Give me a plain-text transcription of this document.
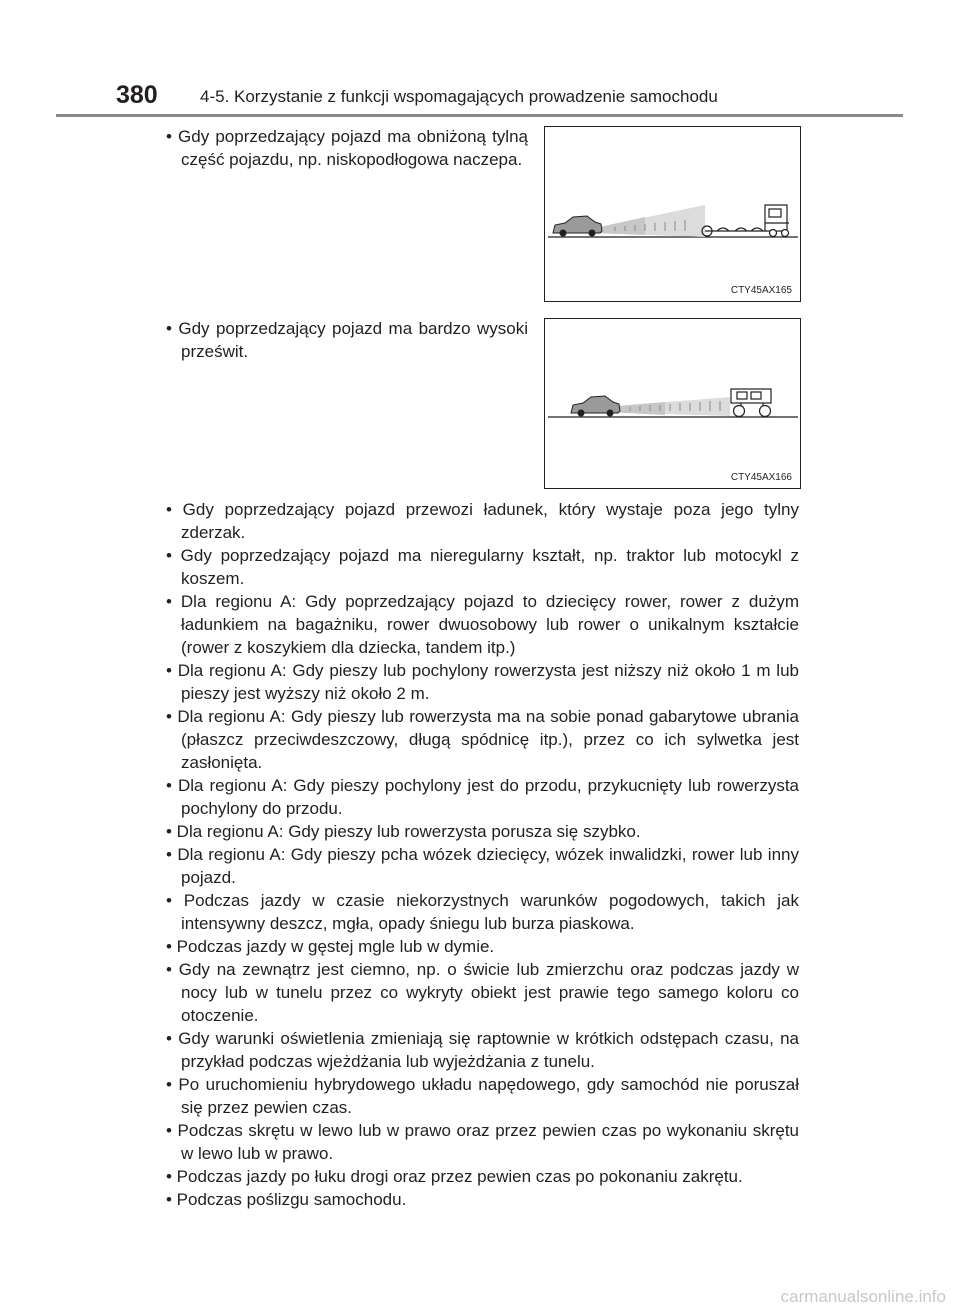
380 4-5. Korzystanie z funkcji wspomagających prowadzenie samochodu
• Gdy poprzedzający pojazd ma obniżoną tylną część pojazdu, np. niskopodłogowa naczepa.
CTY45AX165
• Gdy poprzedzający pojazd ma bardzo wysoki prześwit.
CTY45AX166
• Gdy poprzedzający pojazd przewozi ładunek, który wystaje poza jego tylny zderzak.
• Gdy poprzedzający pojazd ma nieregularny kształt, np. traktor lub motocykl z koszem.
• Dla regionu A: Gdy poprzedzający pojazd to dziecięcy rower, rower z dużym ładunkiem na bagażniku, rower dwuosobowy lub rower o unikalnym kształcie (rower z koszykiem dla dziecka, tandem itp.)
• Dla regionu A: Gdy pieszy lub pochylony rowerzysta jest niższy niż około 1 m lub pieszy jest wyższy niż około 2 m.
• Dla regionu A: Gdy pieszy lub rowerzysta ma na sobie ponad gabarytowe ubrania (płaszcz przeciwdeszczowy, długą spódnicę itp.), przez co ich sylwetka jest zasłonięta.
• Dla regionu A: Gdy pieszy pochylony jest do przodu, przykucnięty lub rowerzysta pochylony do przodu.
• Dla regionu A: Gdy pieszy lub rowerzysta porusza się szybko.
• Dla regionu A: Gdy pieszy pcha wózek dziecięcy, wózek inwalidzki, rower lub inny pojazd.
• Podczas jazdy w czasie niekorzystnych warunków pogodowych, takich jak intensywny deszcz, mgła, opady śniegu lub burza piaskowa.
• Podczas jazdy w gęstej mgle lub w dymie.
• Gdy na zewnątrz jest ciemno, np. o świcie lub zmierzchu oraz podczas jazdy w nocy lub w tunelu przez co wykryty obiekt jest prawie tego samego koloru co otoczenie.
• Gdy warunki oświetlenia zmieniają się raptownie w krótkich odstępach czasu, na przykład podczas wjeżdżania lub wyjeżdżania z tunelu.
• Po uruchomieniu hybrydowego układu napędowego, gdy samochód nie poruszał się przez pewien czas.
• Podczas skrętu w lewo lub w prawo oraz przez pewien czas po wykonaniu skrętu w lewo lub w prawo.
• Podczas jazdy po łuku drogi oraz przez pewien czas po pokonaniu zakrętu.
• Podczas poślizgu samochodu.
carmanualsonline.info
